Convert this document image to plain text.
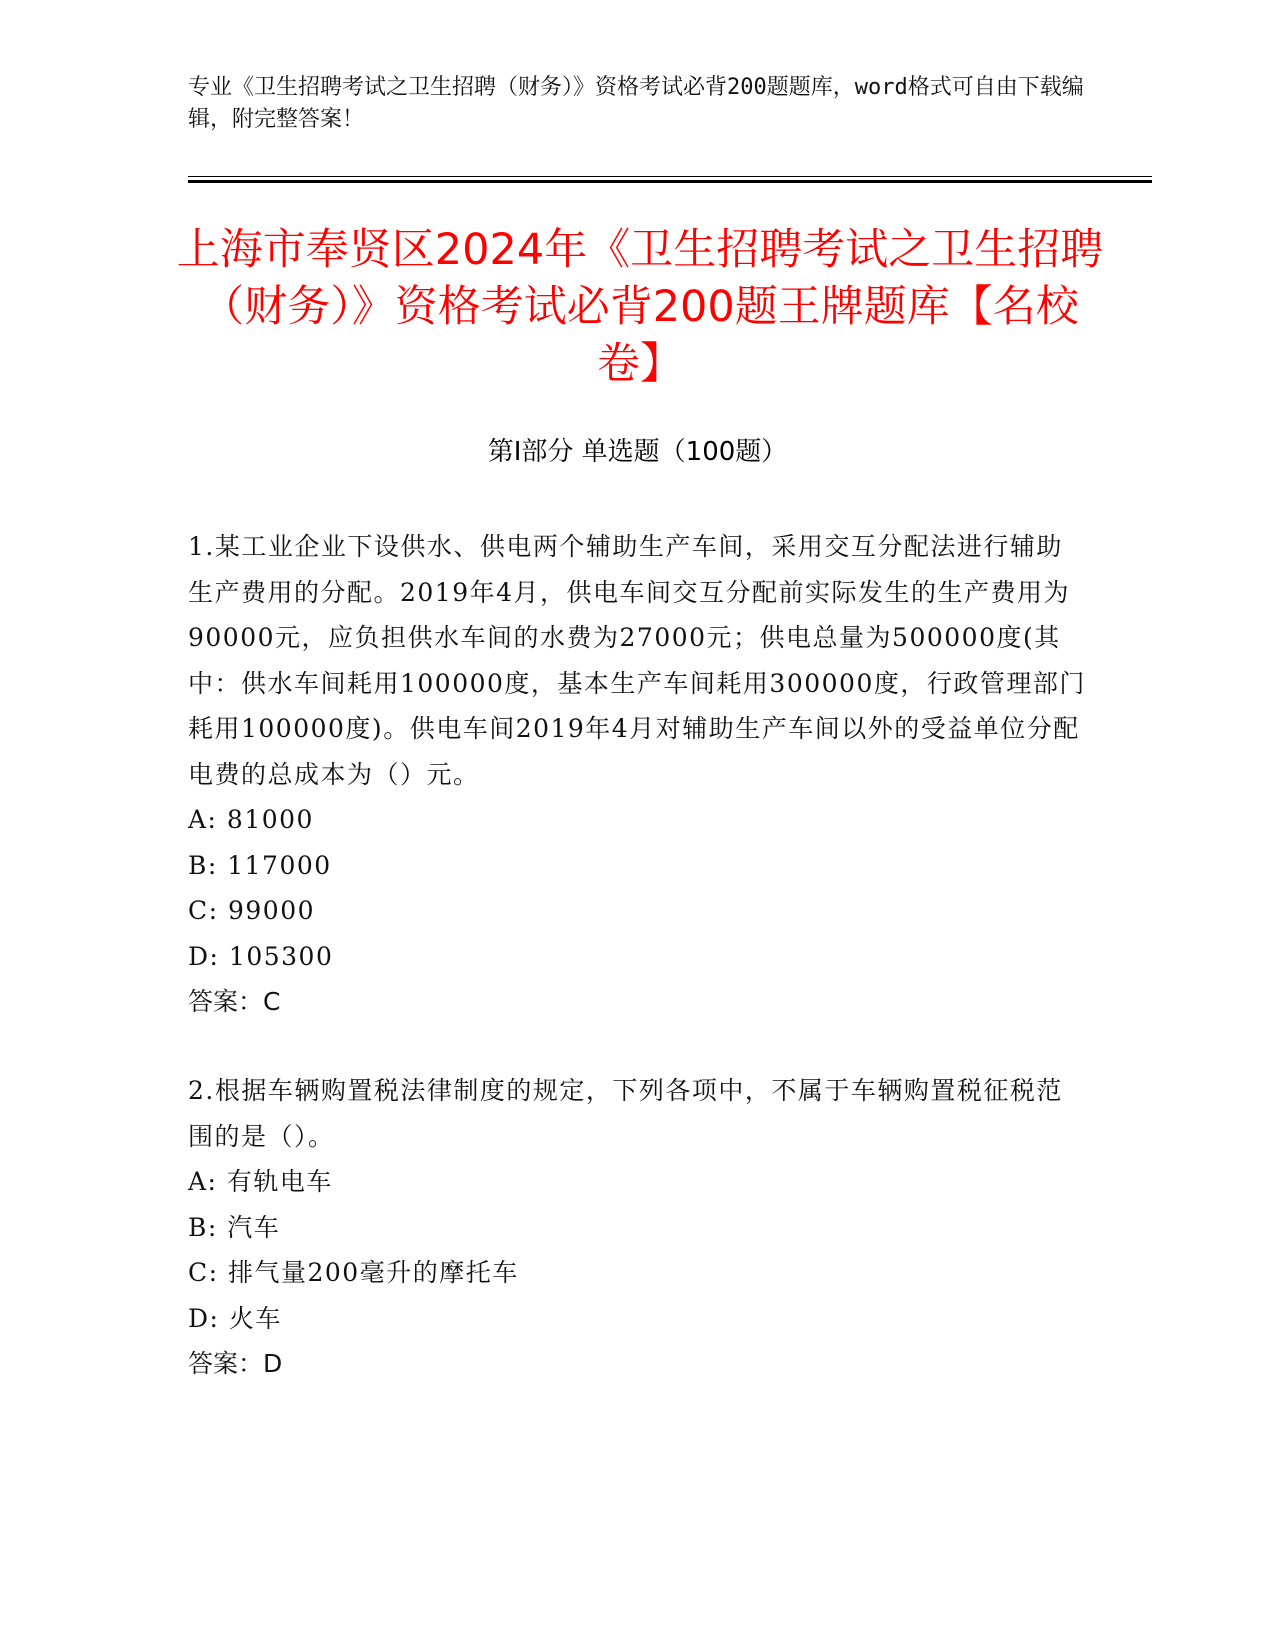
专业《卫生招聘考试之卫生招聘（财务）》资格考试必背200题题库，word格式可自由下载编辑，附完整答案！
上海市奉贤区2024年《卫生招聘考试之卫生招聘（财务）》资格考试必背200题王牌题库【名校卷】
第Ⅰ部分 单选题（100题）

1.某工业企业下设供水、供电两个辅助生产车间，采用交互分配法进行辅助生产费用的分配。2019年4月，供电车间交互分配前实际发生的生产费用为90000元，应负担供水车间的水费为27000元；供电总量为500000度(其中：供水车间耗用100000度，基本生产车间耗用300000度，行政管理部门耗用100000度)。供电车间2019年4月对辅助生产车间以外的受益单位分配电费的总成本为（）元。

A: 81000

B: 117000

C: 99000

D: 105300

答案：C

2.根据车辆购置税法律制度的规定，下列各项中，不属于车辆购置税征税范围的是（）。

A: 有轨电车

B: 汽车

C: 排气量200毫升的摩托车

D: 火车

答案：D
